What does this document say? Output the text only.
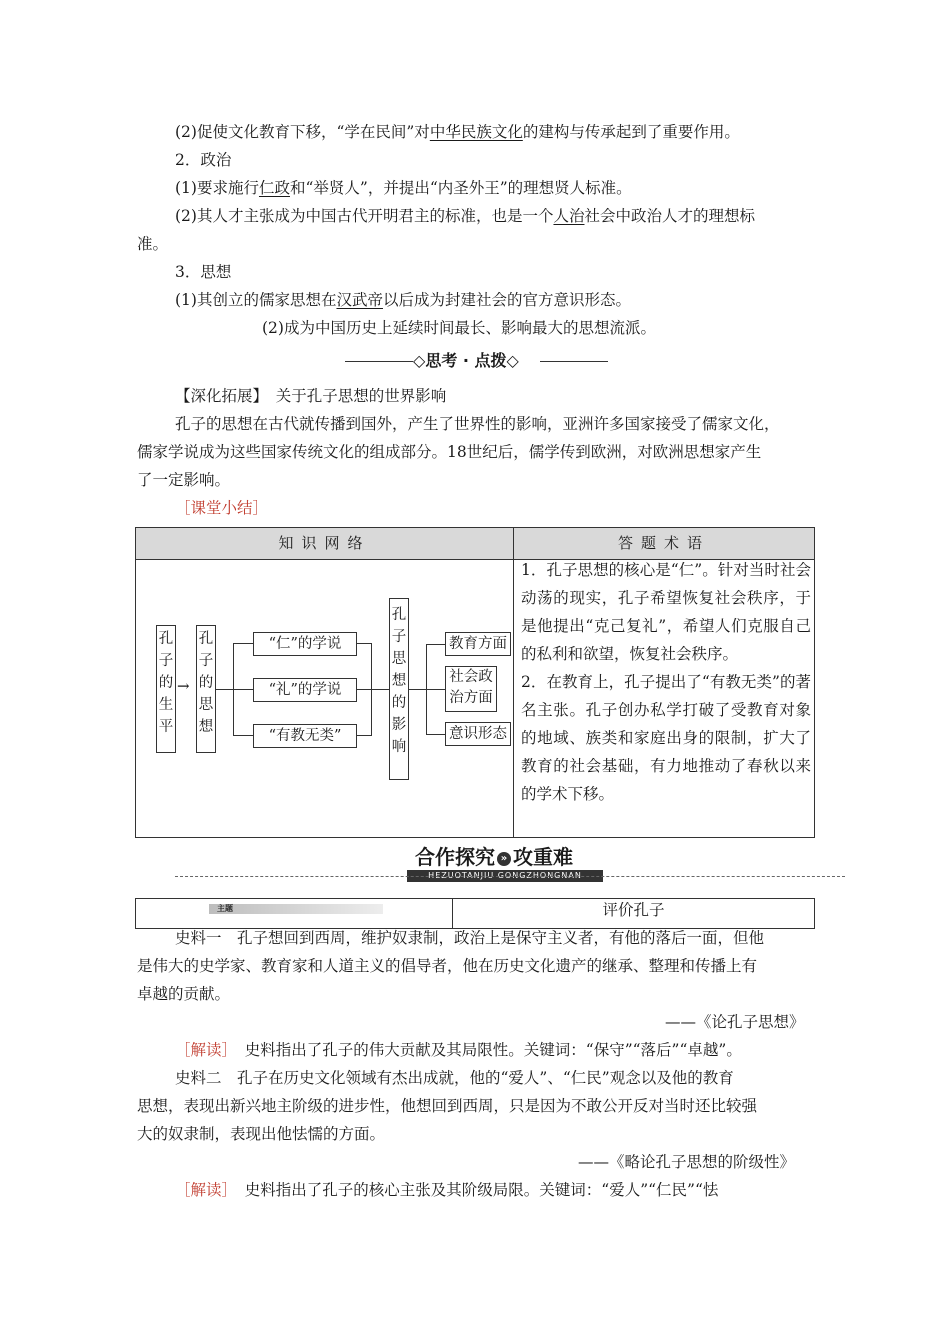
(2)促使文化教育下移，“学在民间”对中华民族文化的建构与传承起到了重要作用。
2．政治
(1)要求施行仁政和“举贤人”，并提出“内圣外王”的理想贤人标准。
(2)其人才主张成为中国古代开明君主的标准，也是一个人治社会中政治人才的理想标
准。
3．思想
(1)其创立的儒家思想在汉武帝以后成为封建社会的官方意识形态。
(2)成为中国历史上延续时间最长、影响最大的思想流派。
◇思考 · 点拨◇
【深化拓展】　 关于孔子思想的世界影响
孔子的思想在古代就传播到国外，产生了世界性的影响，亚洲许多国家接受了儒家文化，
儒家学说成为这些国家传统文化的组成部分。18世纪后，儒学传到欧洲，对欧洲思想家产生
了一定影响。
［课堂小结］
知识网络	答题术语

1．孔子思想的核心是“仁”。针对当时社会动荡的现实，孔子希望恢复社会秩序，于是他提出“克己复礼”，希望人们克服自己的私利和欲望，恢复社会秩序。

2．在教育上，孔子提出了“有教无类”的著名主张。孔子创办私学打破了受教育对象的地域、族类和家庭出身的限制，扩大了教育的社会基础，有力地推动了春秋以来的学术下移。

孔
子
的
生
平
→
孔
子
的
思
想
“仁”的学说
“礼”的学说
“有教无类”
孔
子
思
想
的
影
响
教育方面
社会政治方面
意识形态
合作探究 » 攻重难
HEZUOTANJIU GONGZHONGNAN
主题	评价孔子
史料一　孔子想回到西周，维护奴隶制，政治上是保守主义者，有他的落后一面，但他
是伟大的史学家、教育家和人道主义的倡导者，他在历史文化遗产的继承、整理和传播上有
卓越的贡献。
——《论孔子思想》
［解读］　 史料指出了孔子的伟大贡献及其局限性。关键词：“保守”“落后”“卓越”。
史料二　孔子在历史文化领域有杰出成就，他的“爱人”、“仁民”观念以及他的教育
思想，表现出新兴地主阶级的进步性，他想回到西周，只是因为不敢公开反对当时还比较强
大的奴隶制，表现出他怯懦的方面。
——《略论孔子思想的阶级性》
［解读］　 史料指出了孔子的核心主张及其阶级局限。关键词：“爱人”“仁民”“怯
